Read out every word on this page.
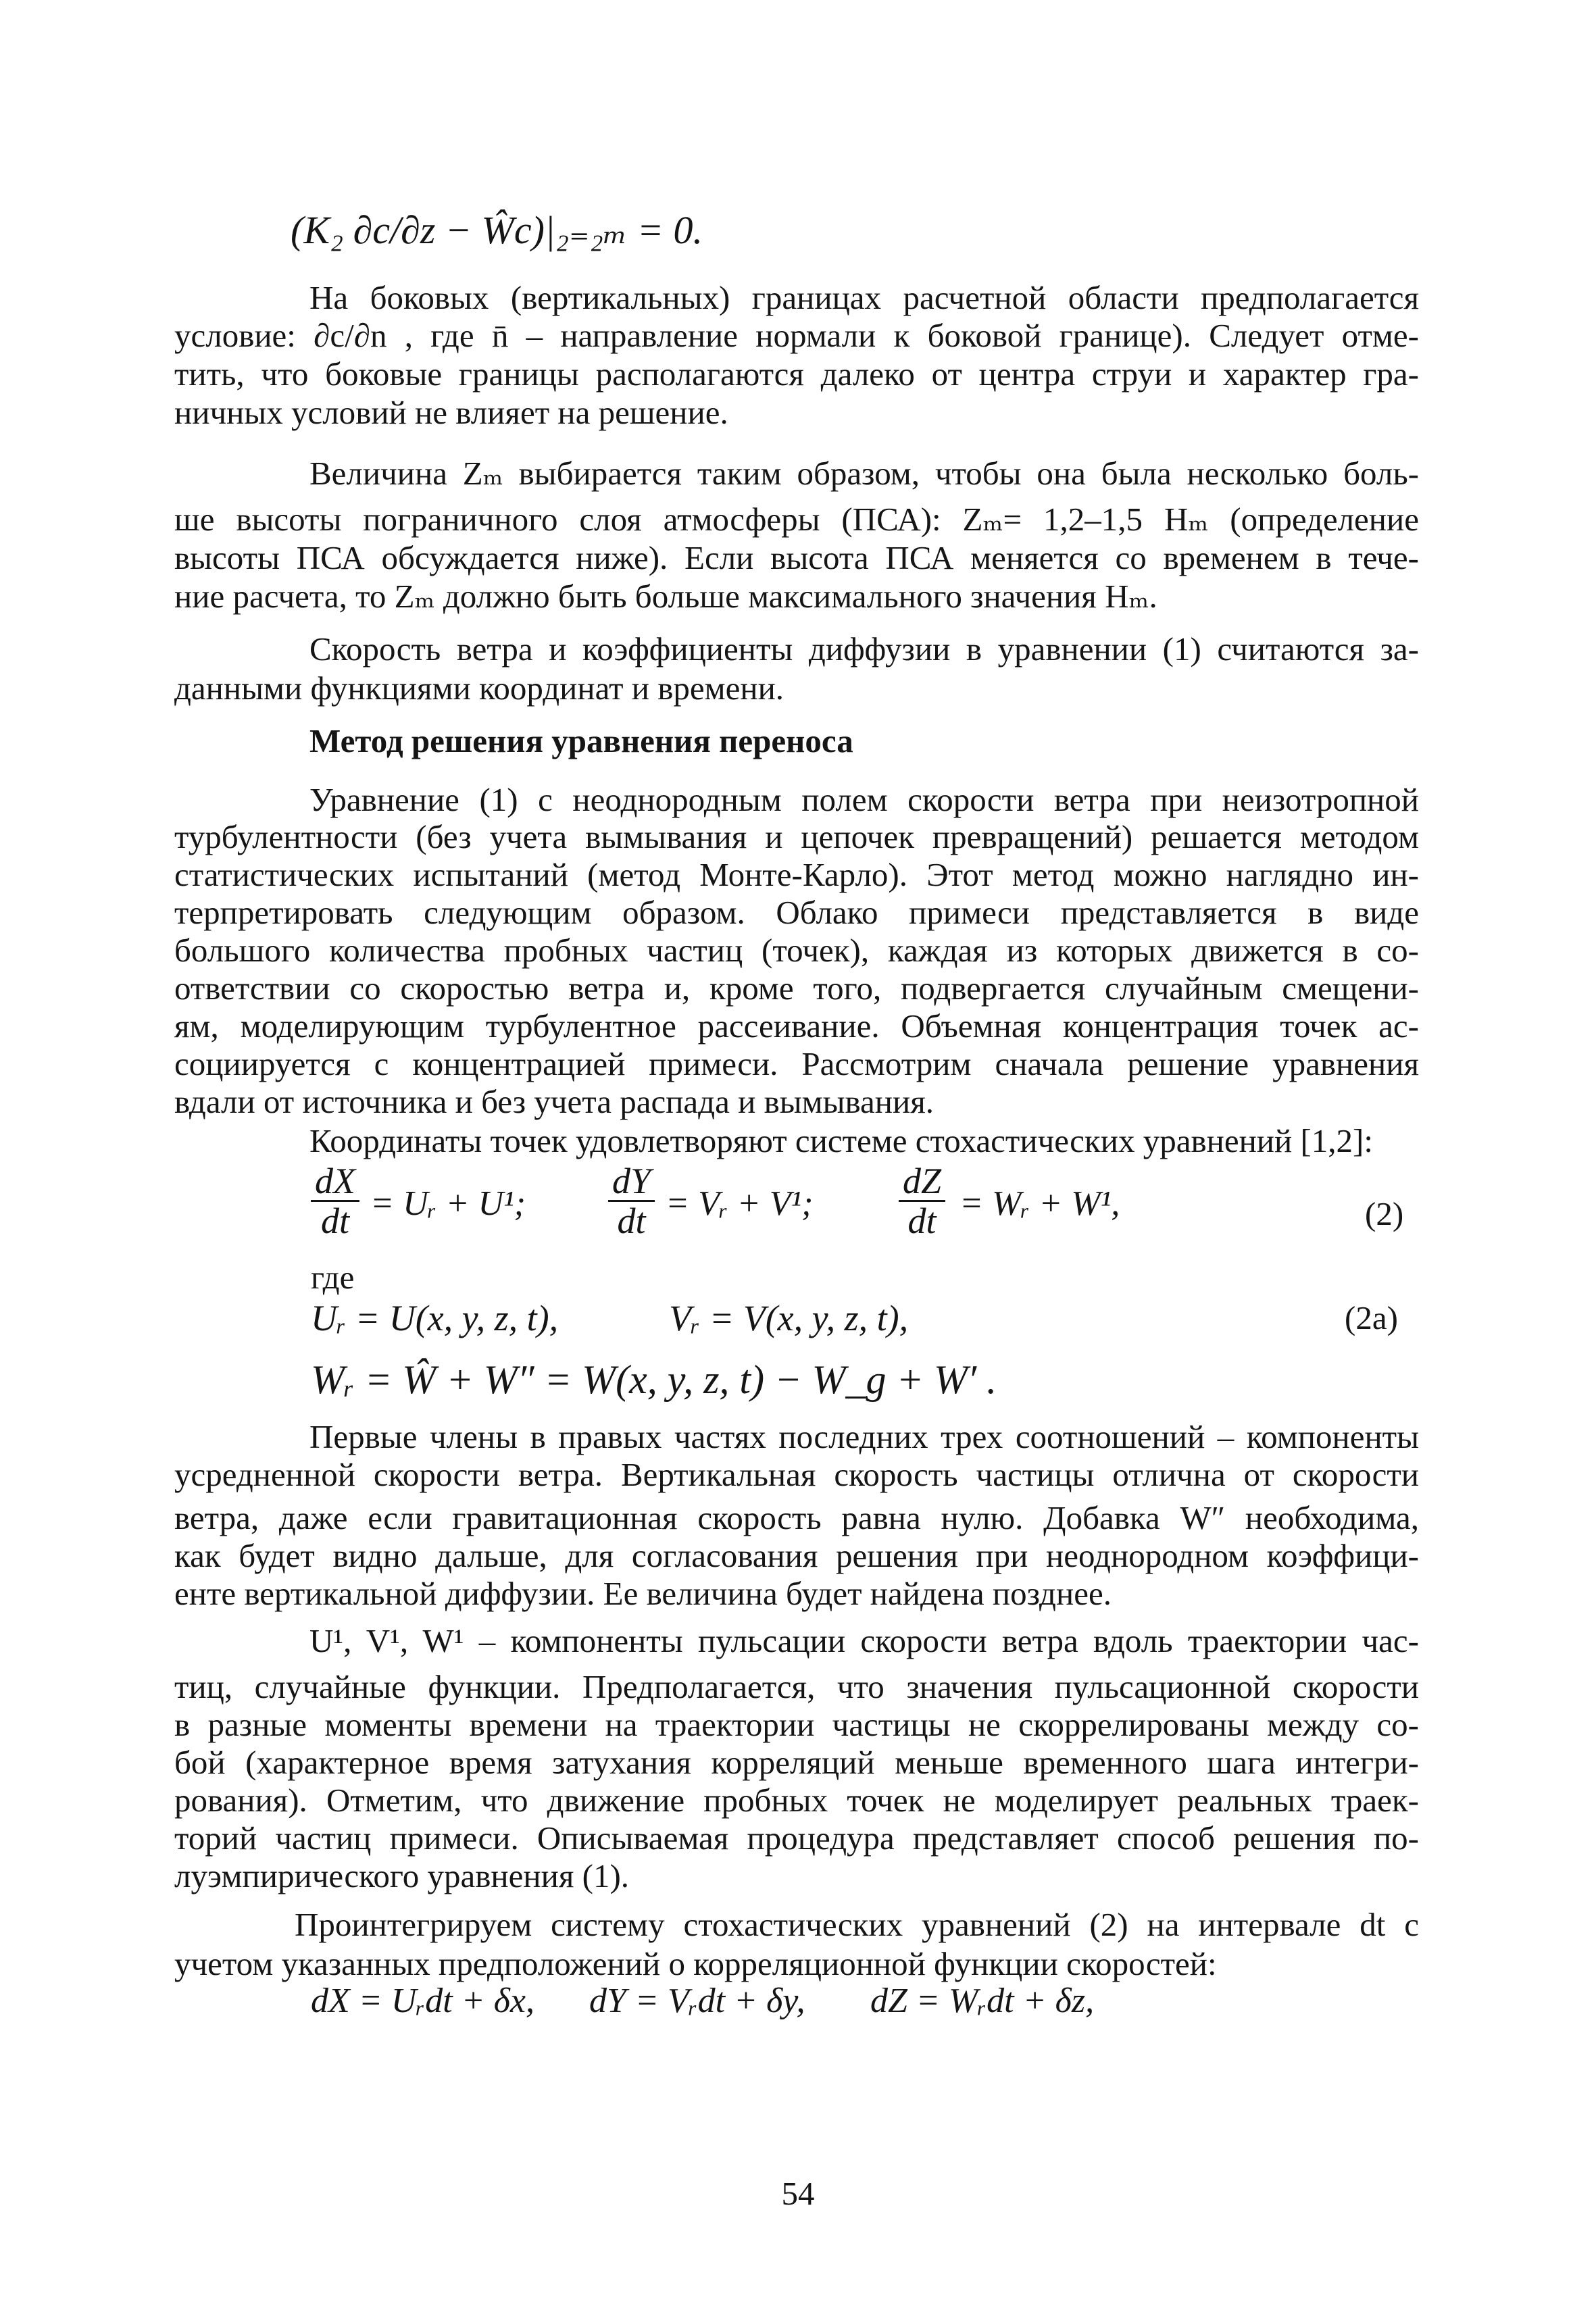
(K₂ ∂c/∂z − Ŵc)|₂₌₂ₘ = 0.
На боковых (вертикальных) границах расчетной области предполагается
условие: ∂c/∂n , где n̄ – направление нормали к боковой границе). Следует отме-
тить, что боковые границы располагаются далеко от центра струи и характер гра-
ничных условий не влияет на решение.
Величина Zₘ выбирается таким образом, чтобы она была несколько боль-
ше высоты пограничного слоя атмосферы (ПСА): Zₘ= 1,2–1,5 Hₘ (определение
высоты ПСА обсуждается ниже). Если высота ПСА меняется со временем в тече-
ние расчета, то Zₘ должно быть больше максимального значения Hₘ.
Скорость ветра и коэффициенты диффузии в уравнении (1) считаются за-
данными функциями координат и времени.
Метод решения уравнения переноса
Уравнение (1) с неоднородным полем скорости ветра при неизотропной
турбулентности (без учета вымывания и цепочек превращений) решается методом
статистических испытаний (метод Монте-Карло). Этот метод можно наглядно ин-
терпретировать следующим образом. Облако примеси представляется в виде
большого количества пробных частиц (точек), каждая из которых движется в со-
ответствии со скоростью ветра и, кроме того, подвергается случайным смещени-
ям, моделирующим турбулентное рассеивание. Объемная концентрация точек ас-
социируется с концентрацией примеси. Рассмотрим сначала решение уравнения
вдали от источника и без учета распада и вымывания.
Координаты точек удовлетворяют системе стохастических уравнений [1,2]:
$\frac{dX}{dt}$ = Uᵣ + U¹; $\frac{dY}{dt}$ = Vᵣ + V¹; $\frac{dZ}{dt}$ = Wᵣ + W¹,	(2)
где
Uᵣ = U(x, y, z, t),	Vᵣ = V(x, y, z, t),	(2a)
Wᵣ = Ŵ + W″ = W(x, y, z, t) − W_g + W′ .
Первые члены в правых частях последних трех соотношений – компоненты
усредненной скорости ветра. Вертикальная скорость частицы отлична от скорости
ветра, даже если гравитационная скорость равна нулю. Добавка W″ необходима,
как будет видно дальше, для согласования решения при неоднородном коэффици-
енте вертикальной диффузии. Ее величина будет найдена позднее.
U¹, V¹, W¹ – компоненты пульсации скорости ветра вдоль траектории час-
тиц, случайные функции. Предполагается, что значения пульсационной скорости
в разные моменты времени на траектории частицы не скоррелированы между со-
бой (характерное время затухания корреляций меньше временного шага интегри-
рования). Отметим, что движение пробных точек не моделирует реальных траек-
торий частиц примеси. Описываемая процедура представляет способ решения по-
луэмпирического уравнения (1).
Проинтегрируем систему стохастических уравнений (2) на интервале dt с
учетом указанных предположений о корреляционной функции скоростей:
dX = Uᵣdt + δx, dY = Vᵣdt + δy, dZ = Wᵣdt + δz,
54
